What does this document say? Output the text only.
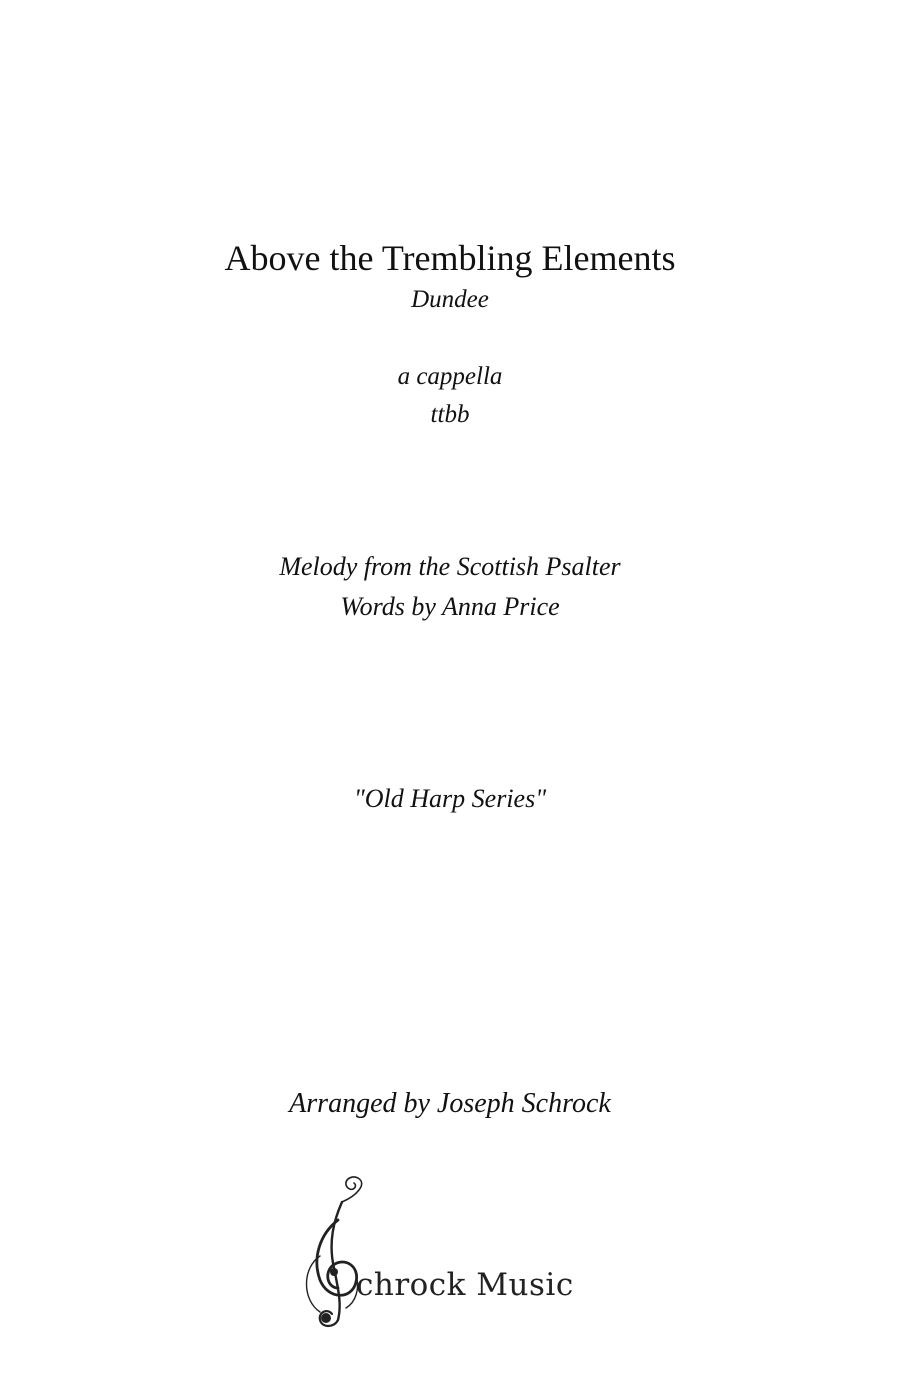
Above the Trembling Elements
Dundee
a cappella
ttbb
Melody from the Scottish Psalter
Words by Anna Price
"Old Harp Series"
Arranged by Joseph Schrock
chrock Music
